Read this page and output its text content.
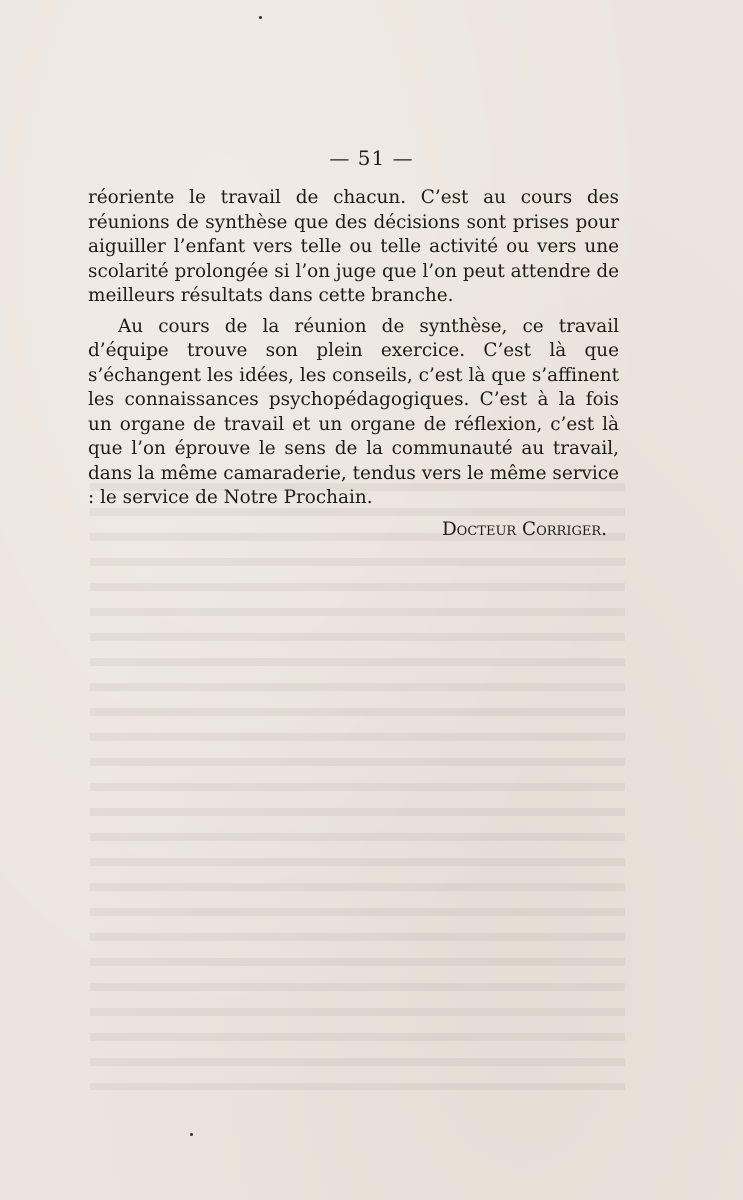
— 51 —

réoriente le travail de chacun. C’est au cours des réunions de synthèse que des décisions sont prises pour aiguiller l’enfant vers telle ou telle activité ou vers une scolarité prolongée si l’on juge que l’on peut attendre de meilleurs résultats dans cette branche.

Au cours de la réunion de synthèse, ce travail d’équipe trouve son plein exercice. C’est là que s’échangent les idées, les conseils, c’est là que s’affinent les connaissances psychopédagogiques. C’est à la fois un organe de travail et un organe de réflexion, c’est là que l’on éprouve le sens de la communauté au travail, dans la même camaraderie, tendus vers le même service : le service de Notre Prochain.

Docteur Corriger.
